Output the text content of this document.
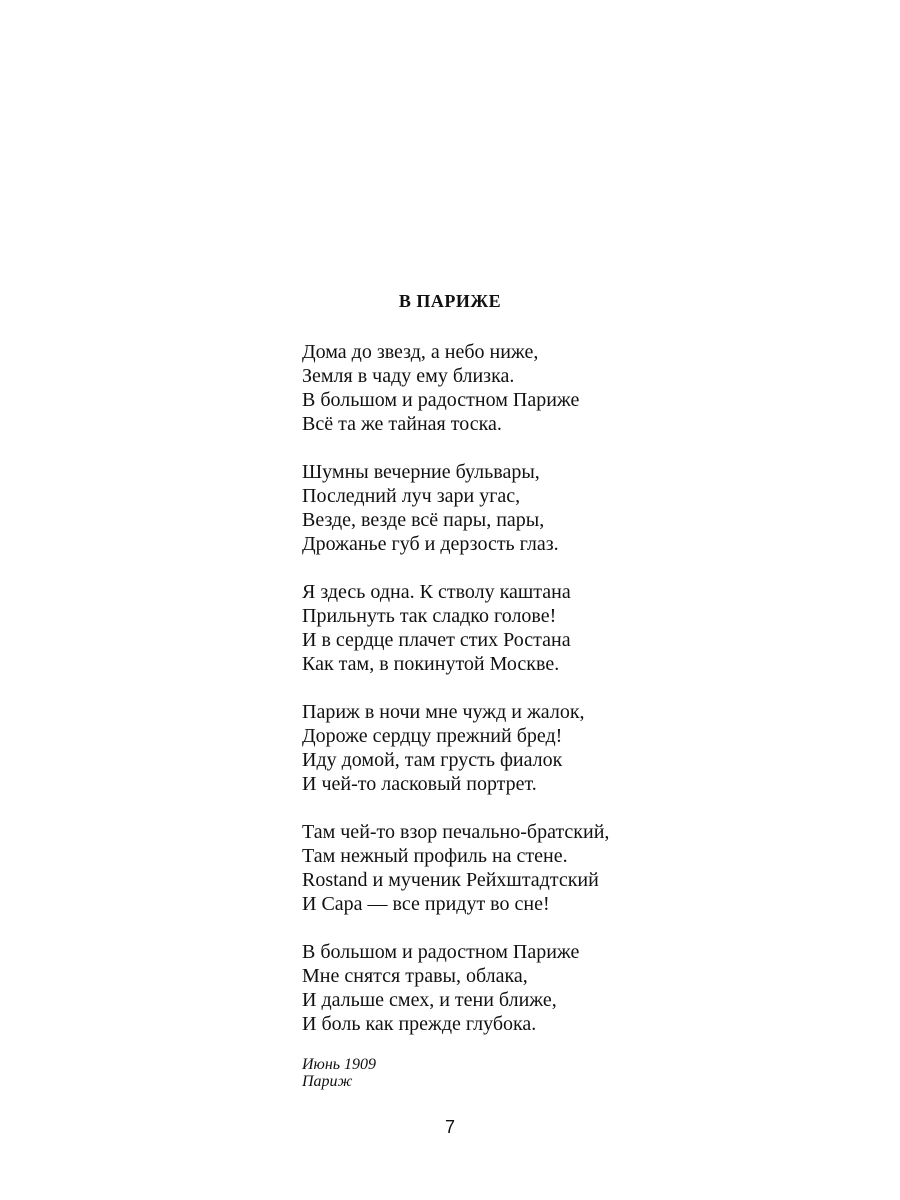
В ПАРИЖЕ
Дома до звезд, а небо ниже,
Земля в чаду ему близка.
В большом и радостном Париже
Всё та же тайная тоска.
Шумны вечерние бульвары,
Последний луч зари угас,
Везде, везде всё пары, пары,
Дрожанье губ и дерзость глаз.
Я здесь одна. К стволу каштана
Прильнуть так сладко голове!
И в сердце плачет стих Ростана
Как там, в покинутой Москве.
Париж в ночи мне чужд и жалок,
Дороже сердцу прежний бред!
Иду домой, там грусть фиалок
И чей-то ласковый портрет.
Там чей-то взор печально-братский,
Там нежный профиль на стене.
Rostand и мученик Рейхштадтский
И Сара — все придут во сне!
В большом и радостном Париже
Мне снятся травы, облака,
И дальше смех, и тени ближе,
И боль как прежде глубока.
Июнь 1909
Париж
7
